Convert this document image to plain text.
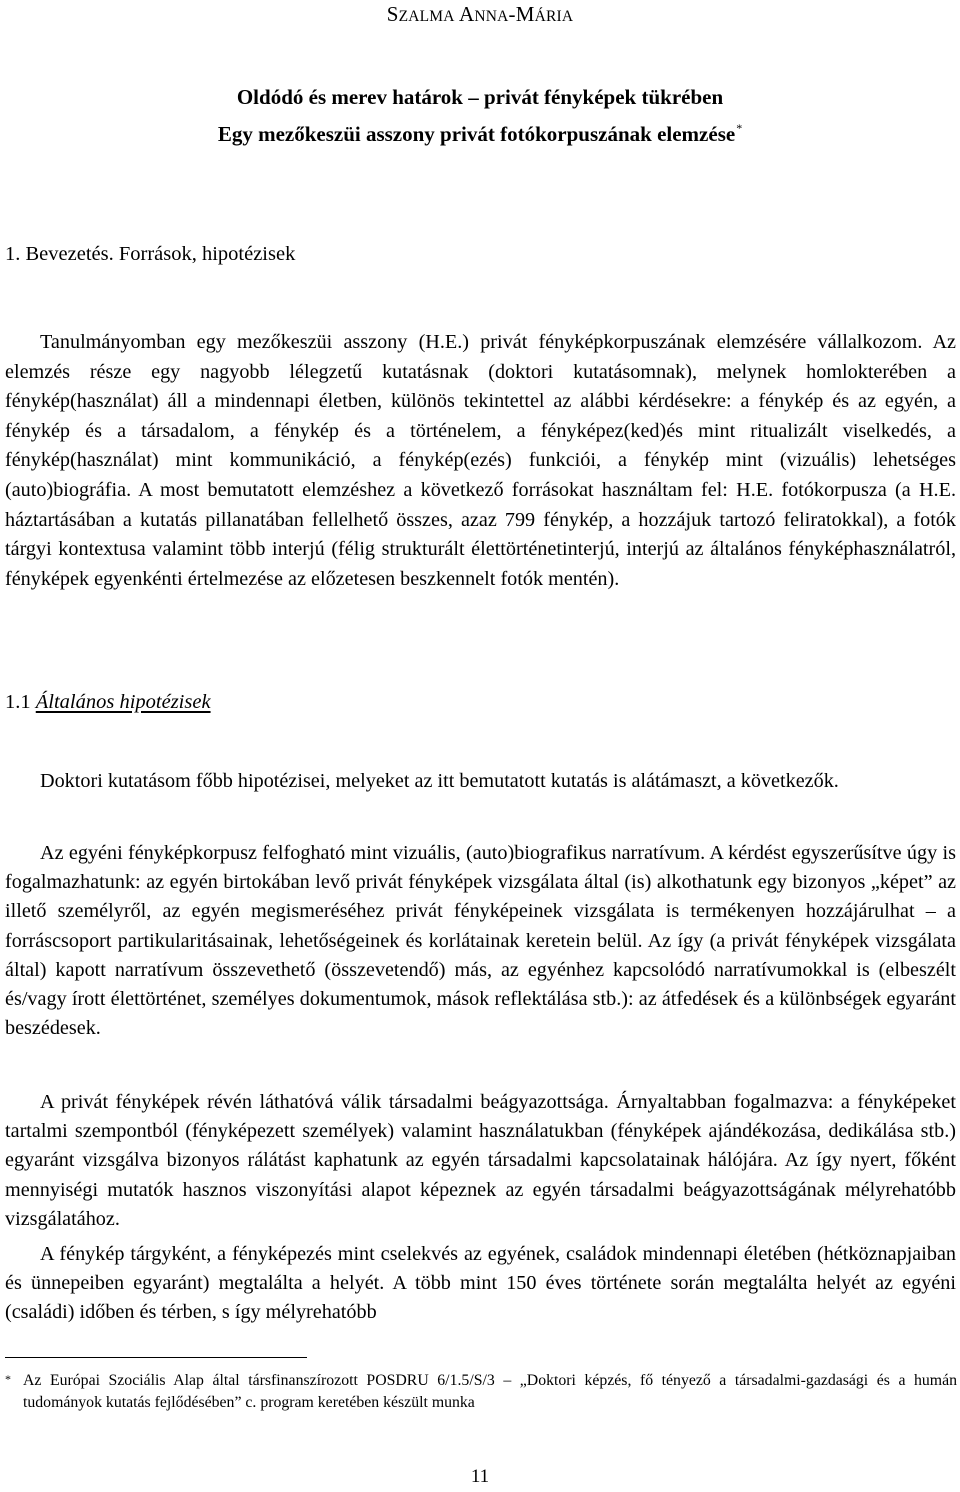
SZALMA ANNA-MÁRIA
Oldódó és merev határok – privát fényképek tükrében
Egy mezőkeszüi asszony privát fotókorpuszának elemzése*
1. Bevezetés. Források, hipotézisek
Tanulmányomban egy mezőkeszüi asszony (H.E.) privát fényképkorpuszának elemzésére vállalkozom. Az elemzés része egy nagyobb lélegzetű kutatásnak (doktori kutatásomnak), melynek homlokterében a fénykép(használat) áll a mindennapi életben, különös tekintettel az alábbi kérdésekre: a fénykép és az egyén, a fénykép és a társadalom, a fénykép és a történelem, a fényképez(ked)és mint ritualizált viselkedés, a fénykép(használat) mint kommunikáció, a fénykép(ezés) funkciói, a fénykép mint (vizuális) lehetséges (auto)biográfia. A most bemutatott elemzéshez a következő forrásokat használtam fel: H.E. fotókorpusza (a H.E. háztartásában a kutatás pillanatában fellelhető összes, azaz 799 fénykép, a hozzájuk tartozó feliratokkal), a fotók tárgyi kontextusa valamint több interjú (félig strukturált élettörténetinterjú, interjú az általános fényképhasználatról, fényképek egyenkénti értelmezése az előzetesen beszkennelt fotók mentén).
1.1 Általános hipotézisek
Doktori kutatásom főbb hipotézisei, melyeket az itt bemutatott kutatás is alátámaszt, a következők.
Az egyéni fényképkorpusz felfogható mint vizuális, (auto)biografikus narratívum. A kérdést egyszerűsítve úgy is fogalmazhatunk: az egyén birtokában levő privát fényképek vizsgálata által (is) alkothatunk egy bizonyos „képet” az illető személyről, az egyén megismeréséhez privát fényképeinek vizsgálata is termékenyen hozzájárulhat – a forráscsoport partikularitásainak, lehetőségeinek és korlátainak keretein belül. Az így (a privát fényképek vizsgálata által) kapott narratívum összevethető (összevetendő) más, az egyénhez kapcsolódó narratívumokkal is (elbeszélt és/vagy írott élettörténet, személyes dokumentumok, mások reflektálása stb.): az átfedések és a különbségek egyaránt beszédesek.
A privát fényképek révén láthatóvá válik társadalmi beágyazottsága. Árnyaltabban fogalmazva: a fényképeket tartalmi szempontból (fényképezett személyek) valamint használatukban (fényképek ajándékozása, dedikálása stb.) egyaránt vizsgálva bizonyos rálátást kaphatunk az egyén társadalmi kapcsolatainak hálójára. Az így nyert, főként mennyiségi mutatók hasznos viszonyítási alapot képeznek az egyén társadalmi beágyazottságának mélyrehatóbb vizsgálatához.
A fénykép tárgyként, a fényképezés mint cselekvés az egyének, családok mindennapi életében (hétköznapjaiban és ünnepeiben egyaránt) megtalálta a helyét. A több mint 150 éves története során megtalálta helyét az egyéni (családi) időben és térben, s így mélyrehatóbb
* Az Európai Szociális Alap által társfinanszírozott POSDRU 6/1.5/S/3 – „Doktori képzés, fő tényező a társadalmi-gazdasági és a humán tudományok kutatás fejlődésében” c. program keretében készült munka
11
